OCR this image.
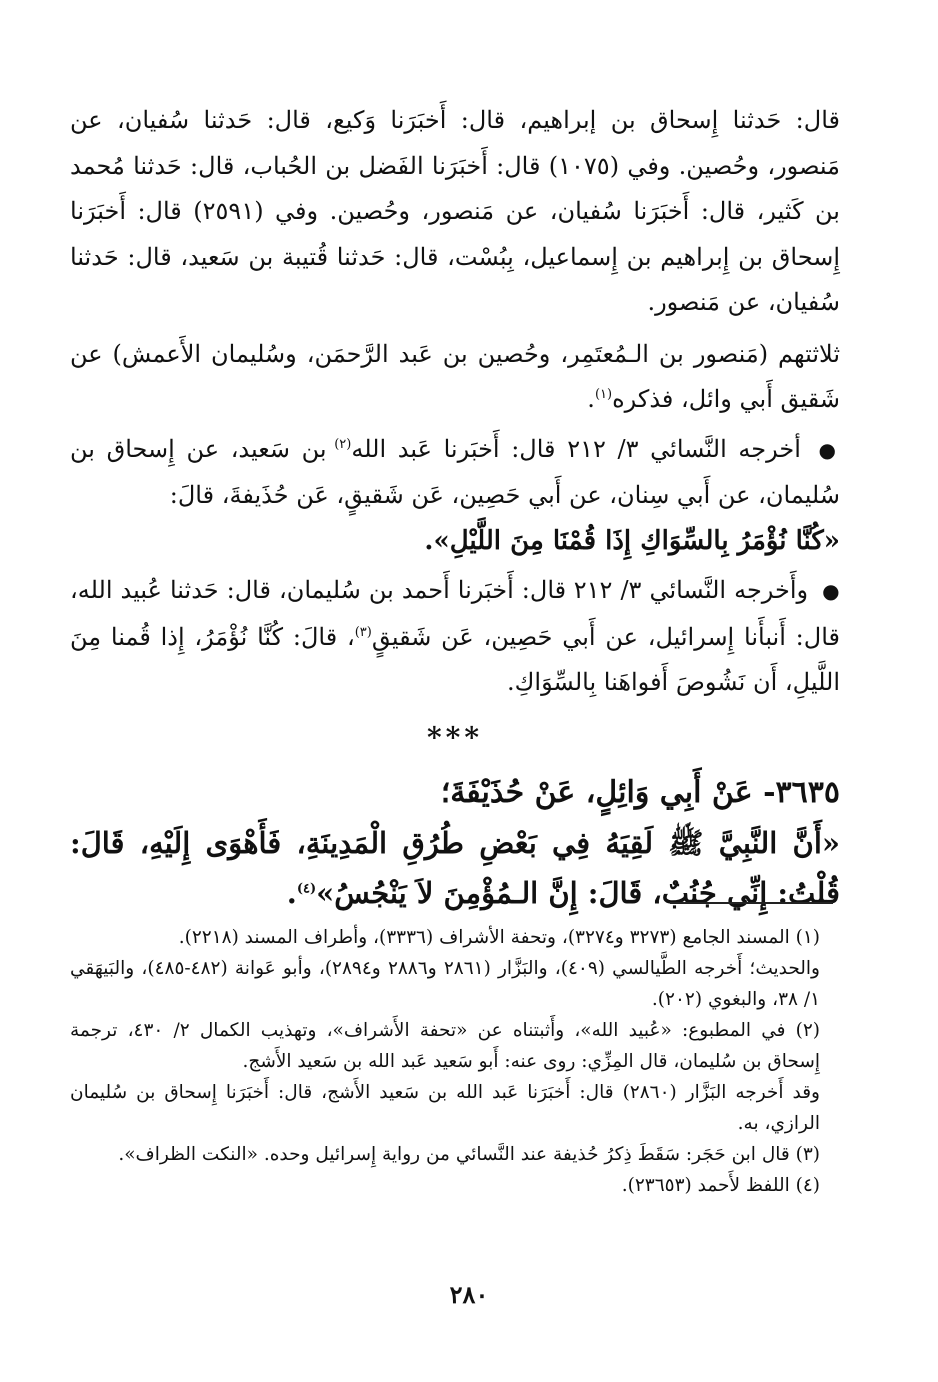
قال: حَدثنا إِسحاق بن إبراهيم، قال: أَخبَرَنا وَكيع، قال: حَدثنا سُفيان، عن مَنصور، وحُصين. وفي (١٠٧٥) قال: أَخبَرَنا الفَضل بن الحُباب، قال: حَدثنا مُحمد بن كَثير، قال: أَخبَرَنا سُفيان، عن مَنصور، وحُصين. وفي (٢٥٩١) قال: أَخبَرَنا إِسحاق بن إِبراهيم بن إِسماعيل، بِبُسْت، قال: حَدثنا قُتيبة بن سَعيد، قال: حَدثنا سُفيان، عن مَنصور.

ثلاثتهم (مَنصور بن الـمُعتَمِر، وحُصين بن عَبد الرَّحمَن، وسُليمان الأَعمش) عن شَقيق أَبي وائل، فذكره$^{(١)}$.

● أخرجه النَّسائي ٣/ ٢١٢ قال: أَخبَرنا عَبد الله$^{(٢)}$ بن سَعيد، عن إِسحاق بن سُليمان، عن أَبي سِنان، عن أَبي حَصِين، عَن شَقيقٍ، عَن حُذَيفةَ، قالَ:

«كُنَّا نُؤْمَرُ بِالسِّوَاكِ إِذَا قُمْنَا مِنَ اللَّيْلِ».

● وأَخرجه النَّسائي ٣/ ٢١٢ قال: أَخبَرنا أَحمد بن سُليمان، قال: حَدثنا عُبيد الله، قال: أَنبأَنا إِسرائيل، عن أَبي حَصِين، عَن شَقيقٍ$^{(٣)}$، قالَ: كُنَّا نُؤْمَرُ، إِذا قُمنا مِنَ اللَّيلِ، أَن نَشُوصَ أَفواهَنا بِالسِّوَاكِ.

***

٣٦٣٥- عَنْ أَبِي وَائِلٍ، عَنْ حُذَيْفَةَ؛

«أَنَّ النَّبِيَّ ﷺ لَقِيَهُ فِي بَعْضِ طُرُقِ الْمَدِينَةِ، فَأَهْوَى إِلَيْهِ، قَالَ: قُلْتُ: إِنِّي جُنُبٌ، قَالَ: إِنَّ الـمُؤْمِنَ لاَ يَنْجُسُ»$^{(٤)}$.

(١) المسند الجامع (٣٢٧٣ و٣٢٧٤)، وتحفة الأشراف (٣٣٣٦)، وأطراف المسند (٢٢١٨).

والحديث؛ أَخرجه الطَّيالسي (٤٠٩)، والبَزَّار (٢٨٦١ و٢٨٨٦ و٢٨٩٤)، وأبو عَوانة (٤٨٢-٤٨٥)، والبَيهَقي ١/ ٣٨، والبغوي (٢٠٢).

(٢) في المطبوع: «عُبيد الله»، وأَثبتناه عن «تحفة الأَشراف»، وتهذيب الكمال ٢/ ٤٣٠، ترجمة إِسحاق بن سُليمان، قال المِزِّي: روى عنه: أَبو سَعيد عَبد الله بن سَعيد الأَشج.

وقد أَخرجه البَزَّار (٢٨٦٠) قال: أَخبَرَنا عَبد الله بن سَعيد الأَشج، قال: أَخبَرَنا إِسحاق بن سُليمان الرازي، به.

(٣) قال ابن حَجَر: سَقَطَ ذِكرُ حُذيفة عند النَّسائي من رواية إِسرائيل وحده. «النكت الظراف».

(٤) اللفظ لأَحمد (٢٣٦٥٣).

٢٨٠
